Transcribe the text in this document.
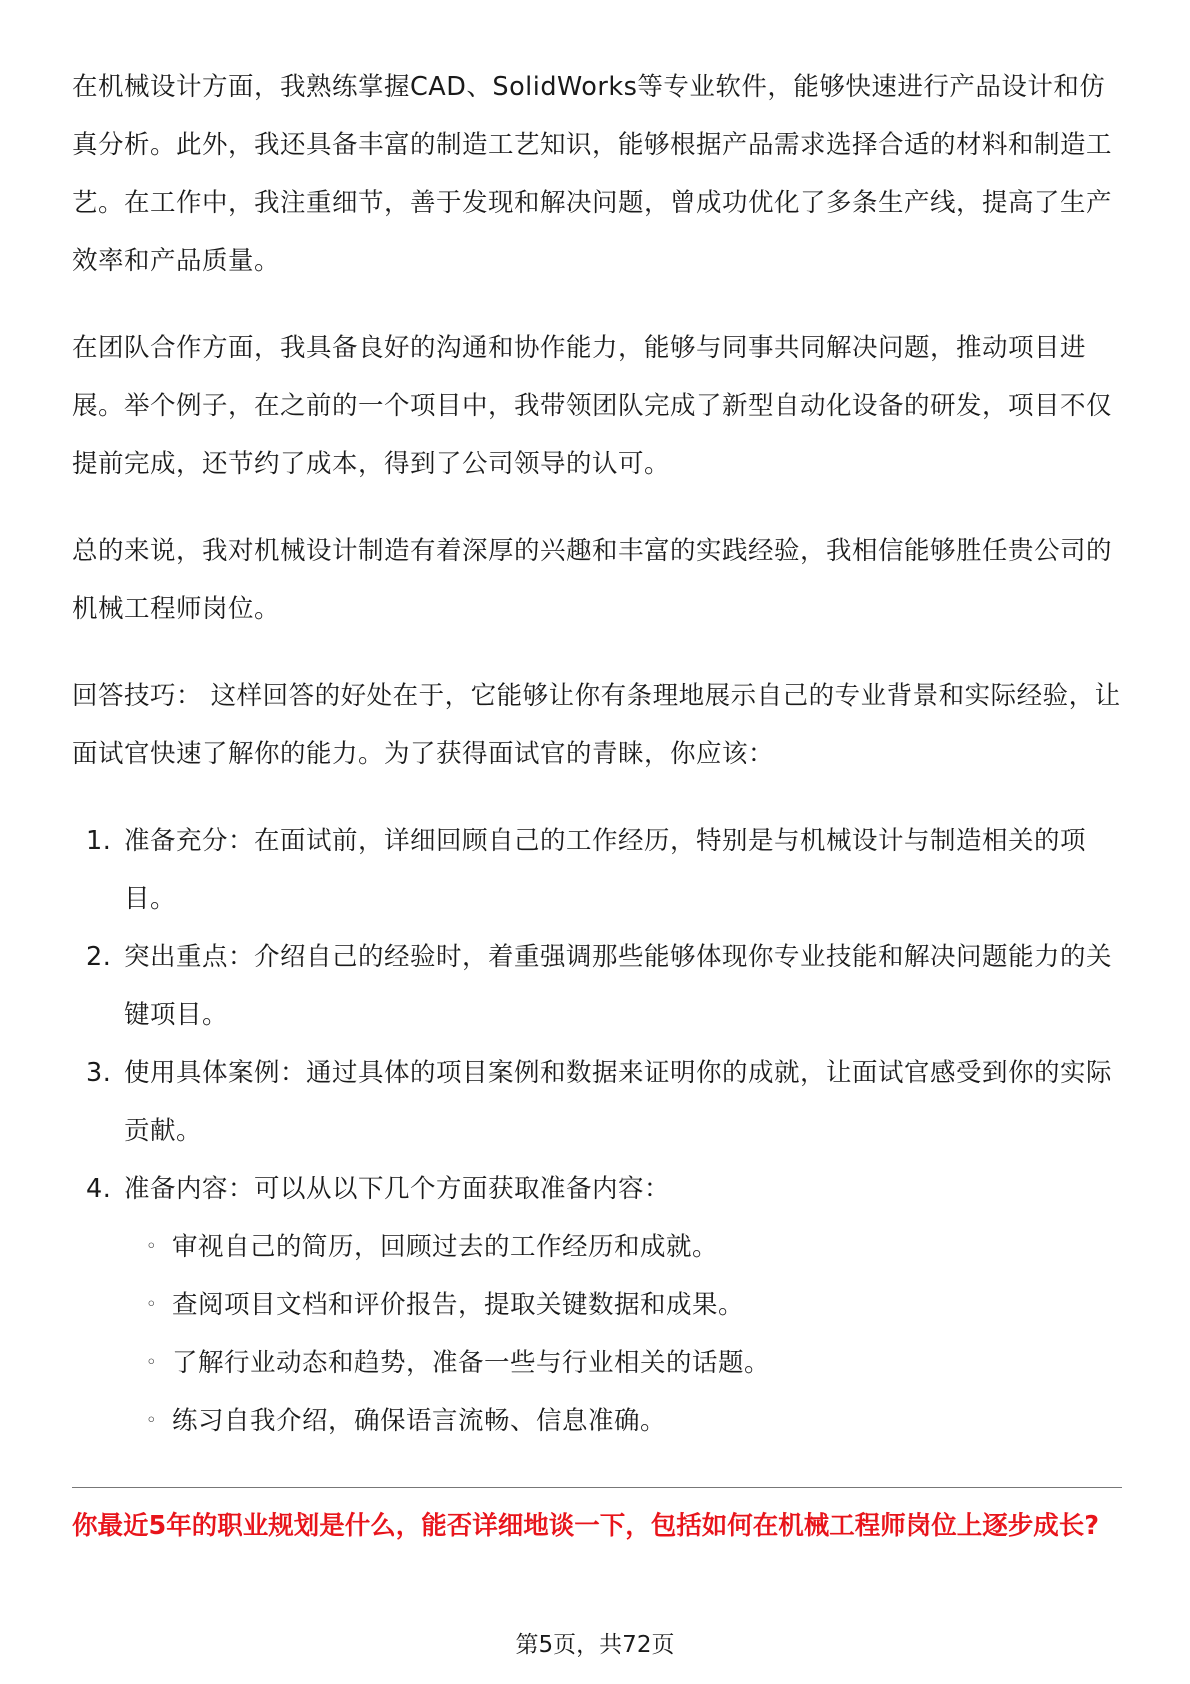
在机械设计方面，我熟练掌握CAD、SolidWorks等专业软件，能够快速进行产品设计和仿真分析。此外，我还具备丰富的制造工艺知识，能够根据产品需求选择合适的材料和制造工艺。在工作中，我注重细节，善于发现和解决问题，曾成功优化了多条生产线，提高了生产效率和产品质量。

在团队合作方面，我具备良好的沟通和协作能力，能够与同事共同解决问题，推动项目进展。举个例子，在之前的一个项目中，我带领团队完成了新型自动化设备的研发，项目不仅提前完成，还节约了成本，得到了公司领导的认可。

总的来说，我对机械设计制造有着深厚的兴趣和丰富的实践经验，我相信能够胜任贵公司的机械工程师岗位。

回答技巧： 这样回答的好处在于，它能够让你有条理地展示自己的专业背景和实际经验，让面试官快速了解你的能力。为了获得面试官的青睐，你应该：

1. 准备充分：在面试前，详细回顾自己的工作经历，特别是与机械设计与制造相关的项目。
2. 突出重点：介绍自己的经验时，着重强调那些能够体现你专业技能和解决问题能力的关键项目。
3. 使用具体案例：通过具体的项目案例和数据来证明你的成就，让面试官感受到你的实际贡献。
4. 准备内容：可以从以下几个方面获取准备内容：
◦ 审视自己的简历，回顾过去的工作经历和成就。
◦ 查阅项目文档和评价报告，提取关键数据和成果。
◦ 了解行业动态和趋势，准备一些与行业相关的话题。
◦ 练习自我介绍，确保语言流畅、信息准确。
你最近5年的职业规划是什么，能否详细地谈一下，包括如何在机械工程师岗位上逐步成长?
第5页，共72页
